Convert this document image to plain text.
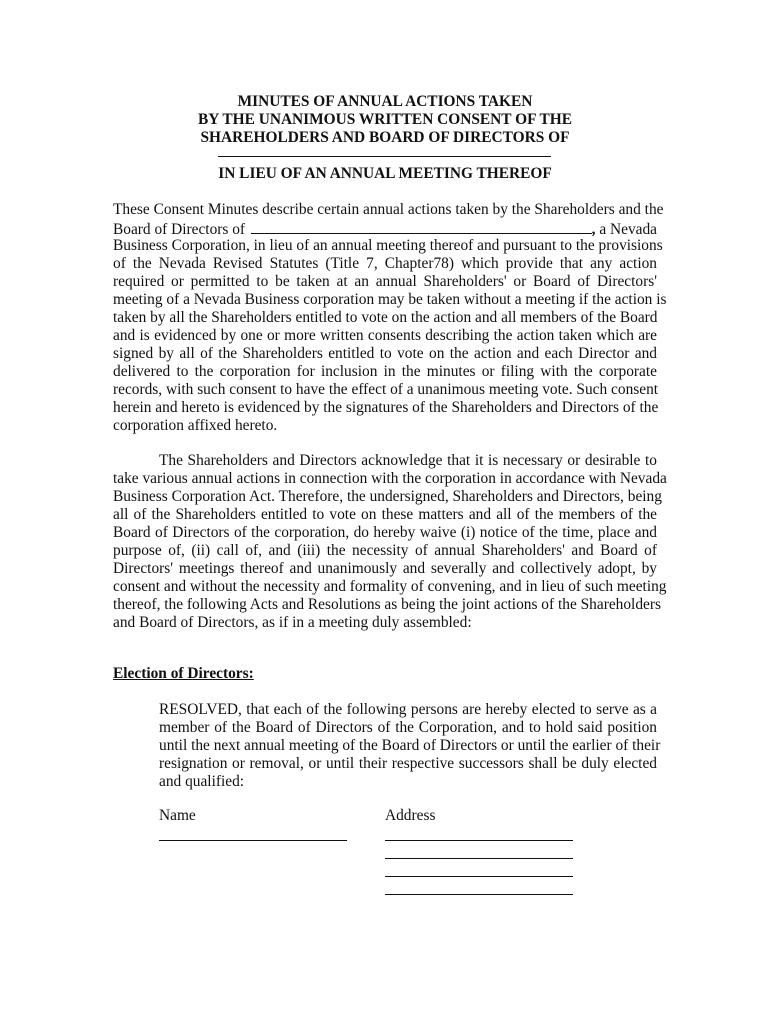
MINUTES OF ANNUAL ACTIONS TAKEN
BY THE UNANIMOUS WRITTEN CONSENT OF THE
SHAREHOLDERS AND BOARD OF DIRECTORS OF
IN LIEU OF AN ANNUAL MEETING THEREOF
These Consent Minutes describe certain annual actions taken by the Shareholders and the
Board of Directors of	, a Nevada
Business Corporation, in lieu of an annual meeting thereof and pursuant to the provisions
of the Nevada Revised Statutes (Title 7, Chapter78) which provide that any action
required or permitted to be taken at an annual Shareholders' or Board of Directors'
meeting of a Nevada Business corporation may be taken without a meeting if the action is
taken by all the Shareholders entitled to vote on the action and all members of the Board
and is evidenced by one or more written consents describing the action taken which are
signed by all of the Shareholders entitled to vote on the action and each Director and
delivered to the corporation for inclusion in the minutes or filing with the corporate
records, with such consent to have the effect of a unanimous meeting vote. Such consent
herein and hereto is evidenced by the signatures of the Shareholders and Directors of the
corporation affixed hereto.
The Shareholders and Directors acknowledge that it is necessary or desirable to
take various annual actions in connection with the corporation in accordance with Nevada
Business Corporation Act. Therefore, the undersigned, Shareholders and Directors, being
all of the Shareholders entitled to vote on these matters and all of the members of the
Board of Directors of the corporation, do hereby waive (i) notice of the time, place and
purpose of, (ii) call of, and (iii) the necessity of annual Shareholders' and Board of
Directors' meetings thereof and unanimously and severally and collectively adopt, by
consent and without the necessity and formality of convening, and in lieu of such meeting
thereof, the following Acts and Resolutions as being the joint actions of the Shareholders
and Board of Directors, as if in a meeting duly assembled:
Election of Directors:
RESOLVED, that each of the following persons are hereby elected to serve as a
member of the Board of Directors of the Corporation, and to hold said position
until the next annual meeting of the Board of Directors or until the earlier of their
resignation or removal, or until their respective successors shall be duly elected
and qualified:
Name	Address
